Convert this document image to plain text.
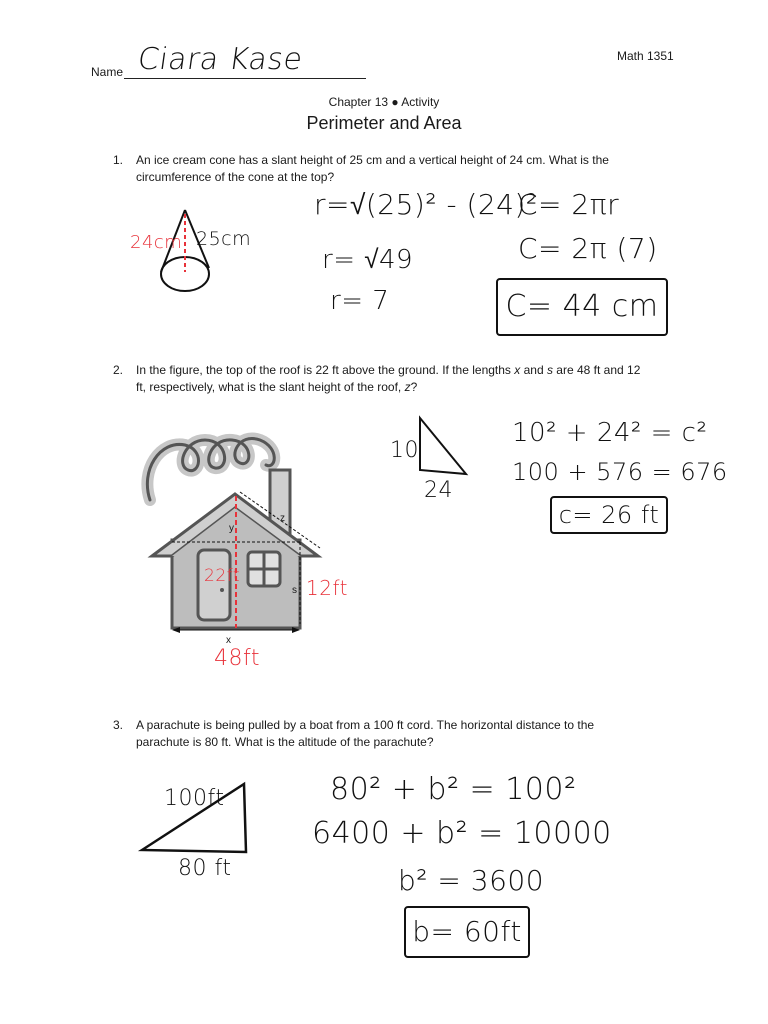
Name Ciara Kase	Math 1351
Chapter 13 ● Activity
Perimeter and Area
1. An ice cream cone has a slant height of 25 cm and a vertical height of 24 cm. What is the
circumference of the cone at the top?
24cm 25cm
r=√(25)² - (24)²
r= √49
r= 7
C= 2πr
C= 2π (7)
C= 44 cm
2. In the figure, the top of the roof is 22 ft above the ground. If the lengths x and s are 48 ft and 12
ft, respectively, what is the slant height of the roof, z?
y
z
s
x
22ft	12ft
48ft
10
24
10² + 24² = c²
100 + 576 = 676
c= 26 ft
3. A parachute is being pulled by a boat from a 100 ft cord. The horizontal distance to the
parachute is 80 ft. What is the altitude of the parachute?
100ft
80 ft
80² + b² = 100²
6400 + b² = 10000
b² = 3600
b= 60ft
